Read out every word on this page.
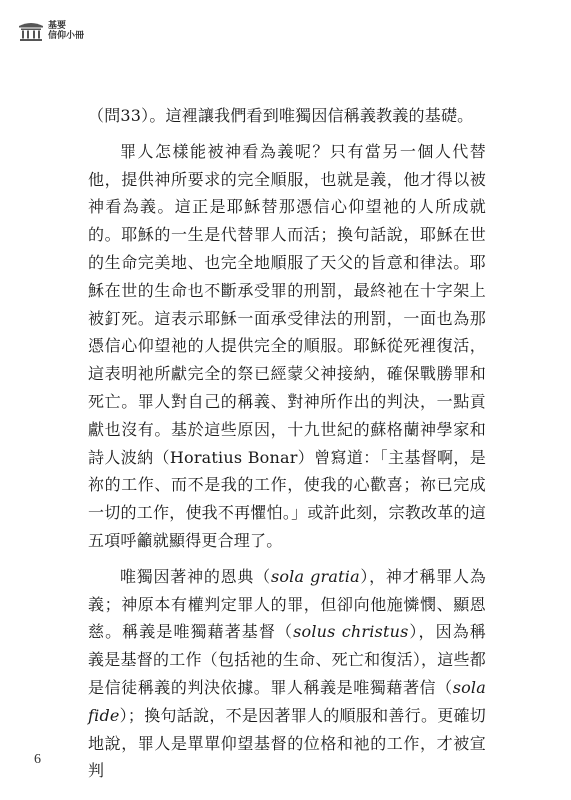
基要
信仰小冊

（問33）。這裡讓我們看到唯獨因信稱義教義的基礎。

罪人怎樣能被神看為義呢？只有當另一個人代替他，提供神所要求的完全順服，也就是義，他才得以被神看為義。這正是耶穌替那憑信心仰望祂的人所成就的。耶穌的一生是代替罪人而活；換句話說，耶穌在世的生命完美地、也完全地順服了天父的旨意和律法。耶穌在世的生命也不斷承受罪的刑罰，最終祂在十字架上被釘死。這表示耶穌一面承受律法的刑罰，一面也為那憑信心仰望祂的人提供完全的順服。耶穌從死裡復活，這表明祂所獻完全的祭已經蒙父神接納，確保戰勝罪和死亡。罪人對自己的稱義、對神所作出的判決，一點貢獻也沒有。基於這些原因，十九世紀的蘇格蘭神學家和詩人波納（Horatius Bonar）曾寫道：「主基督啊，是祢的工作、而不是我的工作，使我的心歡喜；祢已完成一切的工作，使我不再懼怕。」或許此刻，宗教改革的這五項呼籲就顯得更合理了。

唯獨因著神的恩典（sola gratia），神才稱罪人為義；神原本有權判定罪人的罪，但卻向他施憐憫、顯恩慈。稱義是唯獨藉著基督（solus christus），因為稱義是基督的工作（包括祂的生命、死亡和復活），這些都是信徒稱義的判決依據。罪人稱義是唯獨藉著信（sola fide）；換句話說，不是因著罪人的順服和善行。更確切地說，罪人是單單仰望基督的位格和祂的工作，才被宣判

6
